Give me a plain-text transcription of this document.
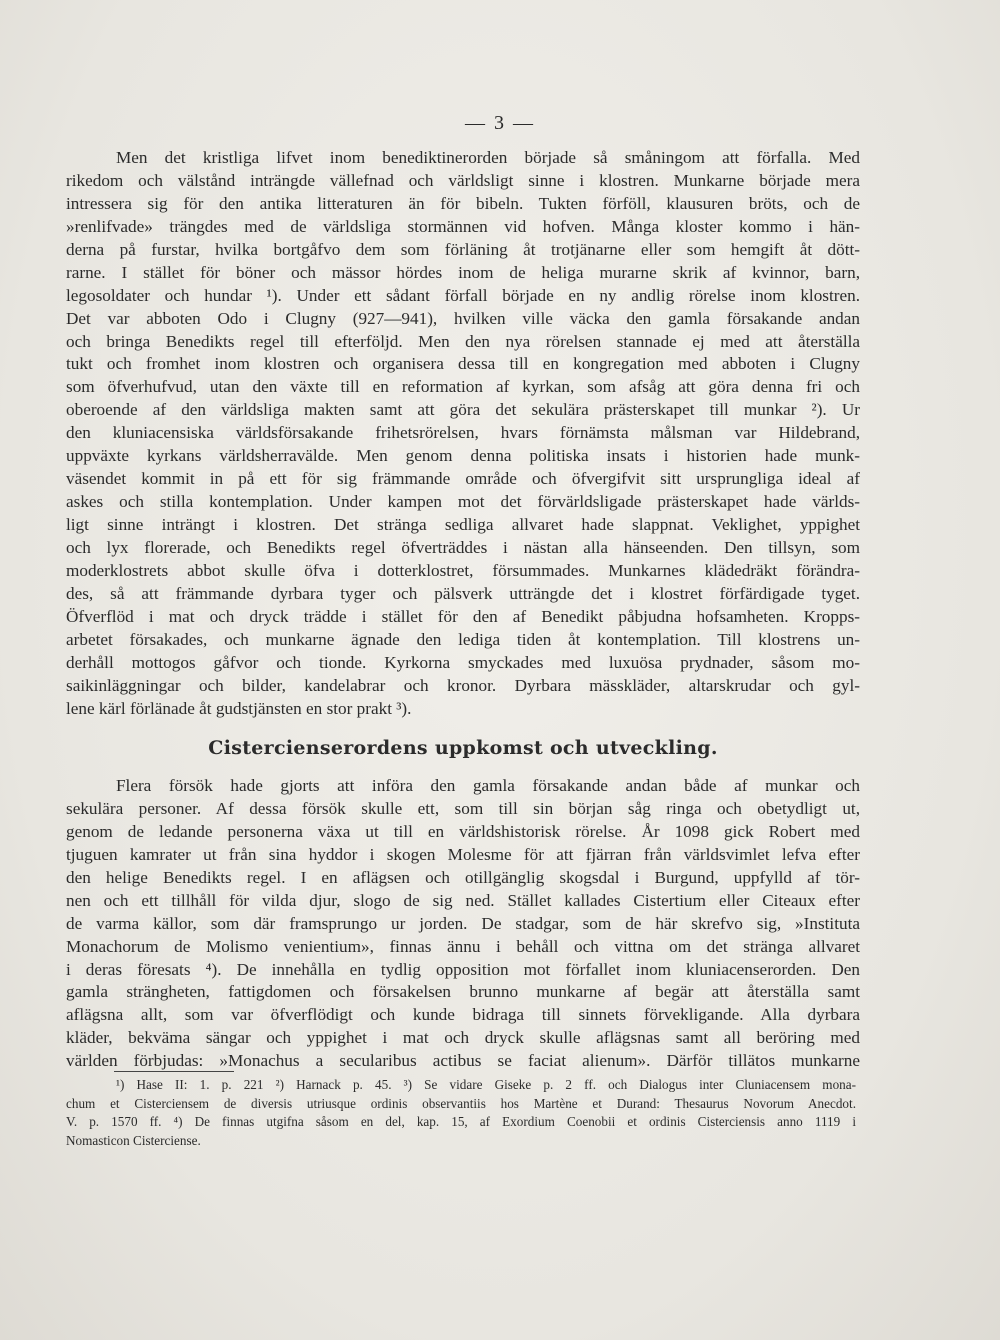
— 3 —
Men det kristliga lifvet inom benediktinerorden började så småningom att förfalla. Med
rikedom och välstånd inträngde vällefnad och världsligt sinne i klostren. Munkarne började mera
intressera sig för den antika litteraturen än för bibeln. Tukten förföll, klausuren bröts, och de
»renlifvade» trängdes med de världsliga stormännen vid hofven. Många kloster kommo i hän-
derna på furstar, hvilka bortgåfvo dem som förläning åt trotjänarne eller som hemgift åt dött-
rarne. I stället för böner och mässor hördes inom de heliga murarne skrik af kvinnor, barn,
legosoldater och hundar ¹). Under ett sådant förfall började en ny andlig rörelse inom klostren.
Det var abboten Odo i Clugny (927—941), hvilken ville väcka den gamla försakande andan
och bringa Benedikts regel till efterföljd. Men den nya rörelsen stannade ej med att återställa
tukt och fromhet inom klostren och organisera dessa till en kongregation med abboten i Clugny
som öfverhufvud, utan den växte till en reformation af kyrkan, som afsåg att göra denna fri och
oberoende af den världsliga makten samt att göra det sekulära prästerskapet till munkar ²). Ur
den kluniacensiska världsförsakande frihetsrörelsen, hvars förnämsta målsman var Hildebrand,
uppväxte kyrkans världsherravälde. Men genom denna politiska insats i historien hade munk-
väsendet kommit in på ett för sig främmande område och öfvergifvit sitt ursprungliga ideal af
askes och stilla kontemplation. Under kampen mot det förvärldsligade prästerskapet hade världs-
ligt sinne inträngt i klostren. Det stränga sedliga allvaret hade slappnat. Veklighet, yppighet
och lyx florerade, och Benedikts regel öfverträddes i nästan alla hänseenden. Den tillsyn, som
moderklostrets abbot skulle öfva i dotterklostret, försummades. Munkarnes klädedräkt förändra-
des, så att främmande dyrbara tyger och pälsverk utträngde det i klostret förfärdigade tyget.
Öfverflöd i mat och dryck trädde i stället för den af Benedikt påbjudna hofsamheten. Kropps-
arbetet försakades, och munkarne ägnade den lediga tiden åt kontemplation. Till klostrens un-
derhåll mottogos gåfvor och tionde. Kyrkorna smyckades med luxuösa prydnader, såsom mo-
saikinläggningar och bilder, kandelabrar och kronor. Dyrbara mässkläder, altarskrudar och gyl-
lene kärl förlänade åt gudstjänsten en stor prakt ³).
Cistercienserordens uppkomst och utveckling.
Flera försök hade gjorts att införa den gamla försakande andan både af munkar och
sekulära personer. Af dessa försök skulle ett, som till sin början såg ringa och obetydligt ut,
genom de ledande personerna växa ut till en världshistorisk rörelse. År 1098 gick Robert med
tjuguen kamrater ut från sina hyddor i skogen Molesme för att fjärran från världsvimlet lefva efter
den helige Benedikts regel. I en aflägsen och otillgänglig skogsdal i Burgund, uppfylld af tör-
nen och ett tillhåll för vilda djur, slogo de sig ned. Stället kallades Cistertium eller Citeaux efter
de varma källor, som där framsprungo ur jorden. De stadgar, som de här skrefvo sig, »Instituta
Monachorum de Molismo venientium», finnas ännu i behåll och vittna om det stränga allvaret
i deras föresats ⁴). De innehålla en tydlig opposition mot förfallet inom kluniacenserorden. Den
gamla strängheten, fattigdomen och försakelsen brunno munkarne af begär att återställa samt
aflägsna allt, som var öfverflödigt och kunde bidraga till sinnets förvekligande. Alla dyrbara
kläder, bekväma sängar och yppighet i mat och dryck skulle aflägsnas samt all beröring med
världen förbjudas: »Monachus a secularibus actibus se faciat alienum». Därför tillätos munkarne
¹) Hase II: 1. p. 221 ²) Harnack p. 45. ³) Se vidare Giseke p. 2 ff. och Dialogus inter Cluniacensem mona-
chum et Cisterciensem de diversis utriusque ordinis observantiis hos Martène et Durand: Thesaurus Novorum Anecdot.
V. p. 1570 ff. ⁴) De finnas utgifna såsom en del, kap. 15, af Exordium Coenobii et ordinis Cisterciensis anno 1119 i
Nomasticon Cisterciense.
